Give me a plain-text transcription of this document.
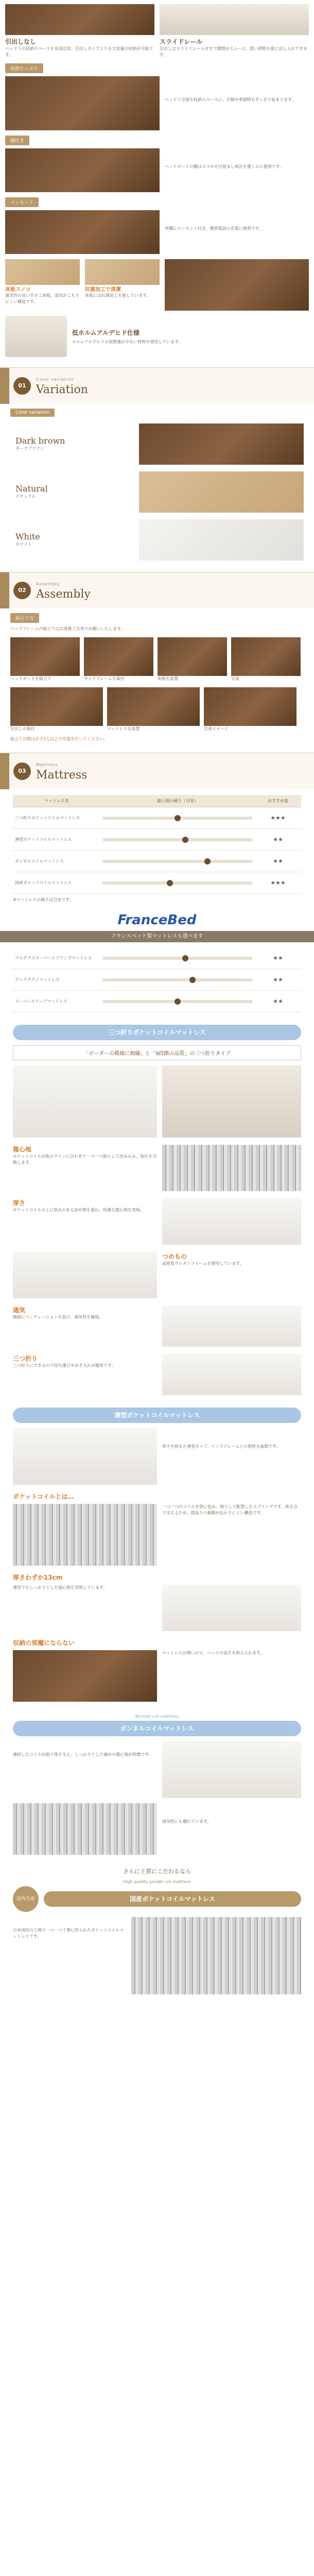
引出しなし
ベッド下の収納スペースを有効活用。引出しタイプよりも大容量の収納が可能です。
スライドレール
引出しはスライドレール付きで開閉がスムーズ。重い荷物も楽に出し入れできます。
収納たっぷり
ベッド下全面を収納スペースに。衣類や季節物もすっきり収まります。
棚付き
ヘッドボードの棚はスマホや目覚まし時計を置くのに便利です。
コンセント
宮棚にコンセント付き。携帯電話の充電に便利です。
床板スノコ
通気性の良いすのこ床板。湿気がこもりにくい構造です。
抗菌加工で清潔
床板には抗菌加工を施しています。
低ホルムアルデヒド仕様
ホルムアルデヒドの放散量が少ない材料を使用しています。
01
Color variation
Variation
Color variation
Dark brown
ダークブラウン
Natural
ナチュラル
White
ホワイト
02
Assembly
Assembly
組立て方
ベッドフレームの組立てはお客様ご自身でお願いいたします。
ヘッドボードを組立て	サイドフレームを取付	床板を設置	完成
引出しの取付	マットレスを設置	完成イメージ
組立ての際は必ず2人以上で作業を行ってください。
03
Mattress
Mattress
マットレス名	寝心地の硬さ（目安）	おすすめ度
三つ折りポケットコイルマットレス		★★★
薄型ポケットコイルマットレス		★★
ボンネルコイルマットレス		★★
国産ポケットコイルマットレス		★★★
※マットレスの硬さは目安です。
FranceBed
フランスベッド製マットレスも選べます
マルチラススーパースプリングマットレス		★★
デュラテクノマットレス		★★
スーパースリープマットレス		★★
三つ折りポケットコイルマットレス
「ボーダーの模様に刺繍」と「9段階の品質」の三つ折りタイプ
寝心地
ポケットコイルが体のラインに合わせて一つ一つ独立して沈み込み、体圧を分散します。
厚さ
ポケットコイルの上に厚みのある詰め物を重ね、快適な寝心地を実現。
つめもの
高密度ウレタンフォームを使用しています。
通気
側面にベンチレーションを設け、通気性を確保。
三つ折り
三つ折りにできるので持ち運びやお手入れが簡単です。
薄型ポケットコイルマットレス
厚さを抑えた薄型タイプ。ベッドフレームとの相性も抜群です。
ポケットコイルとは…
一つ一つのコイルを袋に包み、独立して配置したスプリングです。体を点で支えるため、寝返りの振動が伝わりにくい構造です。
厚さわずか13cm
薄型でもしっかりとした寝心地を実現しています。
収納の邪魔にならない
マットレスが薄いので、ベッドの高さを抑えられます。
Bonnell coil mattress
ボンネルコイルマットレス
連結したコイルが面で体を支え、しっかりとした硬めの寝心地が特徴です。
通気性にも優れています。
さらに上質にこだわるなら
High quality pocket coil mattress
国内生産	国産ポケットコイルマットレス
日本国内の工場で一つ一つ丁寧に作られたポケットコイルマットレスです。
